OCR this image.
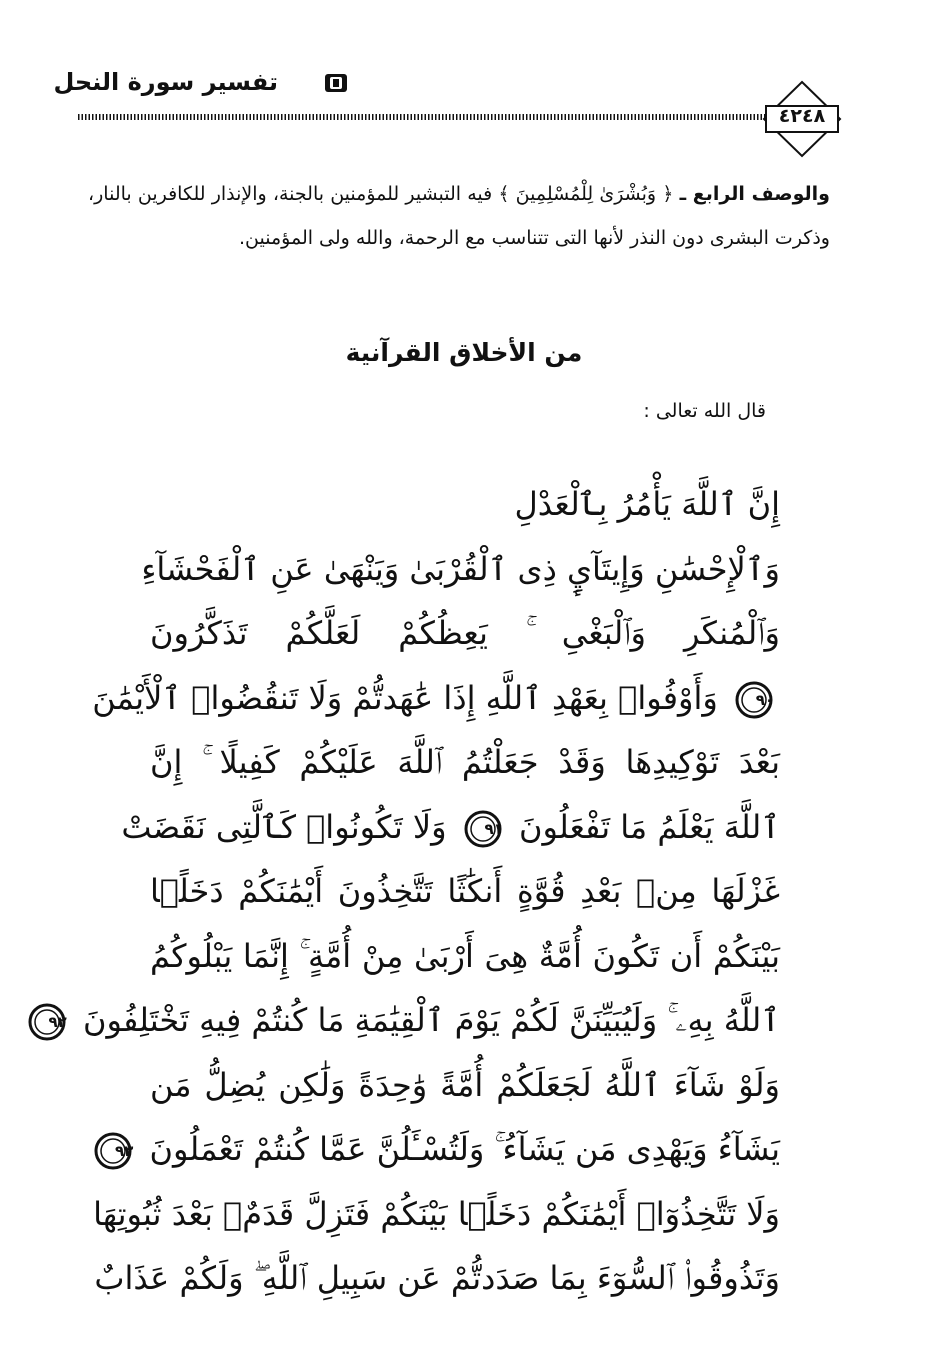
تفسير سورة النحل
٤٢٤٨
والوصف الرابع ـ ﴿ وَبُشْرَىٰ لِلْمُسْلِمِينَ ﴾ فيه التبشير للمؤمنين بالجنة، والإنذار للكافرين بالنار، وذكرت البشرى دون النذر لأنها التى تتناسب مع الرحمة، والله ولى المؤمنين.
من الأخلاق القرآنية
قال الله تعالى :
إِنَّ ٱللَّهَ يَأْمُرُ بِٱلْعَدْلِ
وَٱلْإِحْسَٰنِ وَإِيتَآيِٕ ذِى ٱلْقُرْبَىٰ وَيَنْهَىٰ عَنِ ٱلْفَحْشَآءِ
وَٱلْمُنكَرِ وَٱلْبَغْىِ ۚ يَعِظُكُمْ لَعَلَّكُمْ تَذَكَّرُونَ
٩٠
وَأَوْفُوا۟ بِعَهْدِ ٱللَّهِ إِذَا عَٰهَدتُّمْ وَلَا تَنقُضُوا۟ ٱلْأَيْمَٰنَ
بَعْدَ تَوْكِيدِهَا وَقَدْ جَعَلْتُمُ ٱللَّهَ عَلَيْكُمْ كَفِيلًا ۚ إِنَّ
ٱللَّهَ يَعْلَمُ مَا تَفْعَلُونَ
٩١
وَلَا تَكُونُوا۟ كَٱلَّتِى نَقَضَتْ
غَزْلَهَا مِنۢ بَعْدِ قُوَّةٍ أَنكَٰثًا تَتَّخِذُونَ أَيْمَٰنَكُمْ دَخَلًۢا
بَيْنَكُمْ أَن تَكُونَ أُمَّةٌ هِىَ أَرْبَىٰ مِنْ أُمَّةٍ ۚ إِنَّمَا يَبْلُوكُمُ
ٱللَّهُ بِهِۦ ۚ وَلَيُبَيِّنَنَّ لَكُمْ يَوْمَ ٱلْقِيَٰمَةِ مَا كُنتُمْ فِيهِ تَخْتَلِفُونَ
٩٢
وَلَوْ شَآءَ ٱللَّهُ لَجَعَلَكُمْ أُمَّةً وَٰحِدَةً وَلَٰكِن يُضِلُّ مَن
يَشَآءُ وَيَهْدِى مَن يَشَآءُ ۚ وَلَتُسْـَٔلُنَّ عَمَّا كُنتُمْ تَعْمَلُونَ
٩٣
وَلَا تَتَّخِذُوٓا۟ أَيْمَٰنَكُمْ دَخَلًۢا بَيْنَكُمْ فَتَزِلَّ قَدَمٌۢ بَعْدَ ثُبُوتِهَا
وَتَذُوقُوا۟ ٱلسُّوٓءَ بِمَا صَدَدتُّمْ عَن سَبِيلِ ٱللَّهِ ۖ وَلَكُمْ عَذَابٌ
